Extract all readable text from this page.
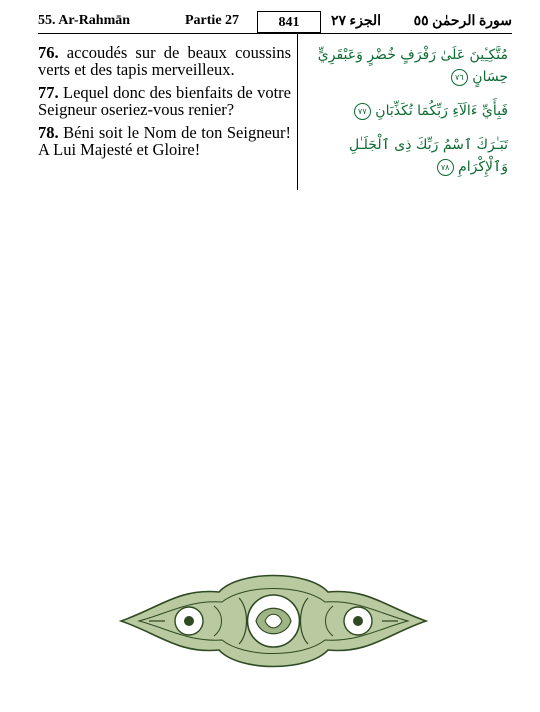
55. Ar-Rahmān	Partie 27	841	الجزء ٢٧ سورة الرحمٰن ٥٥

76. accoudés sur de beaux coussins verts et des tapis merveilleux.

77. Lequel donc des bienfaits de votre Seigneur oseriez-vous renier?

78. Béni soit le Nom de ton Seigneur! A Lui Majesté et Gloire!

مُتَّكِـِٔينَ عَلَىٰ رَفْرَفٍ خُضْرٍ وَعَبْقَرِيٍّ حِسَانٍ ٧٦

فَبِأَيِّ ءَالَآءِ رَبِّكُمَا تُكَذِّبَانِ ٧٧

تَبَـٰرَكَ ٱسْمُ رَبِّكَ ذِى ٱلْجَلَـٰلِ وَٱلْإِكْرَامِ ٧٨
